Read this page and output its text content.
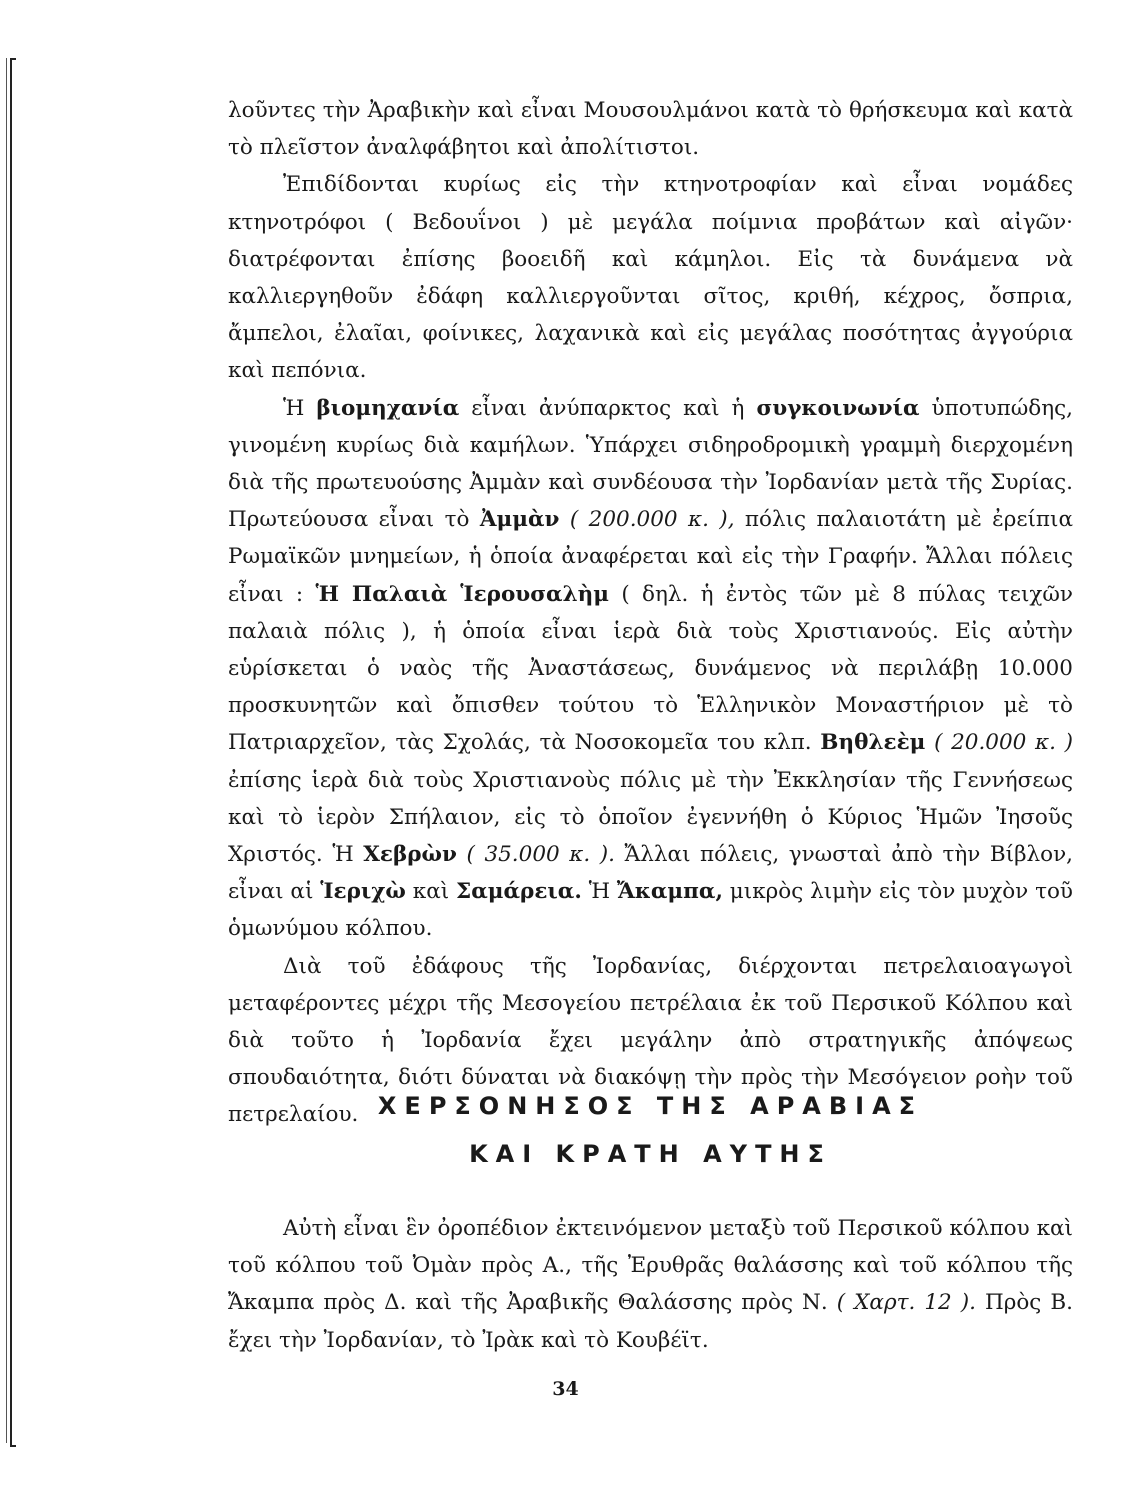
λοῦντες τὴν Ἀραβικὴν καὶ εἶναι Μουσουλμάνοι κατὰ τὸ θρήσκευμα καὶ κατὰ τὸ πλεῖστον ἀναλφάβητοι καὶ ἀπολίτιστοι.

Ἐπιδίδονται κυρίως εἰς τὴν κτηνοτροφίαν καὶ εἶναι νομάδες κτηνοτρόφοι ( Βεδουΐνοι ) μὲ μεγάλα ποίμνια προβάτων καὶ αἰγῶν· διατρέφονται ἐπίσης βοοειδῆ καὶ κάμηλοι. Εἰς τὰ δυνάμενα νὰ καλλιεργηθοῦν ἐδάφη καλλιεργοῦνται σῖτος, κριθή, κέχρος, ὄσπρια, ἄμπελοι, ἐλαῖαι, φοίνικες, λαχανικὰ καὶ εἰς μεγάλας ποσότητας ἀγγούρια καὶ πεπόνια.

Ἡ βιομηχανία εἶναι ἀνύπαρκτος καὶ ἡ συγκοινωνία ὑποτυπώδης, γινομένη κυρίως διὰ καμήλων. Ὑπάρχει σιδηροδρομικὴ γραμμὴ διερχομένη διὰ τῆς πρωτευούσης Ἀμμὰν καὶ συνδέουσα τὴν Ἰορδανίαν μετὰ τῆς Συρίας. Πρωτεύουσα εἶναι τὸ Ἀμμὰν ( 200.000 κ. ), πόλις παλαιοτάτη μὲ ἐρείπια Ρωμαϊκῶν μνημείων, ἡ ὁποία ἀναφέρεται καὶ εἰς τὴν Γραφήν. Ἄλλαι πόλεις εἶναι : Ἡ Παλαιὰ Ἱερουσαλὴμ ( δηλ. ἡ ἐντὸς τῶν μὲ 8 πύλας τειχῶν παλαιὰ πόλις ), ἡ ὁποία εἶναι ἱερὰ διὰ τοὺς Χριστιανούς. Εἰς αὐτὴν εὑρίσκεται ὁ ναὸς τῆς Ἀναστάσεως, δυνάμενος νὰ περιλάβῃ 10.000 προσκυνητῶν καὶ ὄπισθεν τούτου τὸ Ἑλληνικὸν Μοναστήριον μὲ τὸ Πατριαρχεῖον, τὰς Σχολάς, τὰ Νοσοκομεῖα του κλπ. Βηθλεὲμ ( 20.000 κ. ) ἐπίσης ἱερὰ διὰ τοὺς Χριστιανοὺς πόλις μὲ τὴν Ἐκκλησίαν τῆς Γεννήσεως καὶ τὸ ἱερὸν Σπήλαιον, εἰς τὸ ὁποῖον ἐγεννήθη ὁ Κύριος Ἡμῶν Ἰησοῦς Χριστός. Ἡ Χεβρὼν ( 35.000 κ. ). Ἄλλαι πόλεις, γνωσταὶ ἀπὸ τὴν Βίβλον, εἶναι αἱ Ἱεριχὼ καὶ Σαμάρεια. Ἡ Ἄκαμπα, μικρὸς λιμὴν εἰς τὸν μυχὸν τοῦ ὁμωνύμου κόλπου.

Διὰ τοῦ ἐδάφους τῆς Ἰορδανίας, διέρχονται πετρελαιοαγωγοὶ μεταφέροντες μέχρι τῆς Μεσογείου πετρέλαια ἐκ τοῦ Περσικοῦ Κόλπου καὶ διὰ τοῦτο ἡ Ἰορδανία ἔχει μεγάλην ἀπὸ στρατηγικῆς ἀπόψεως σπουδαιότητα, διότι δύναται νὰ διακόψῃ τὴν πρὸς τὴν Μεσόγειον ροὴν τοῦ πετρελαίου. ΧΕΡΣΟΝΗΣΟΣ ΤΗΣ ΑΡΑΒΙΑΣ
ΚΑΙ ΚΡΑΤΗ ΑΥΤΗΣ

Αὐτὴ εἶναι ἓν ὀροπέδιον ἐκτεινόμενον μεταξὺ τοῦ Περσικοῦ κόλπου καὶ τοῦ κόλπου τοῦ Ὀμὰν πρὸς Α., τῆς Ἐρυθρᾶς θαλάσσης καὶ τοῦ κόλπου τῆς Ἄκαμπα πρὸς Δ. καὶ τῆς Ἀραβικῆς Θαλάσσης πρὸς Ν. ( Χαρτ. 12 ). Πρὸς Β. ἔχει τὴν Ἰορδανίαν, τὸ Ἰρὰκ καὶ τὸ Κουβέϊτ.

34
